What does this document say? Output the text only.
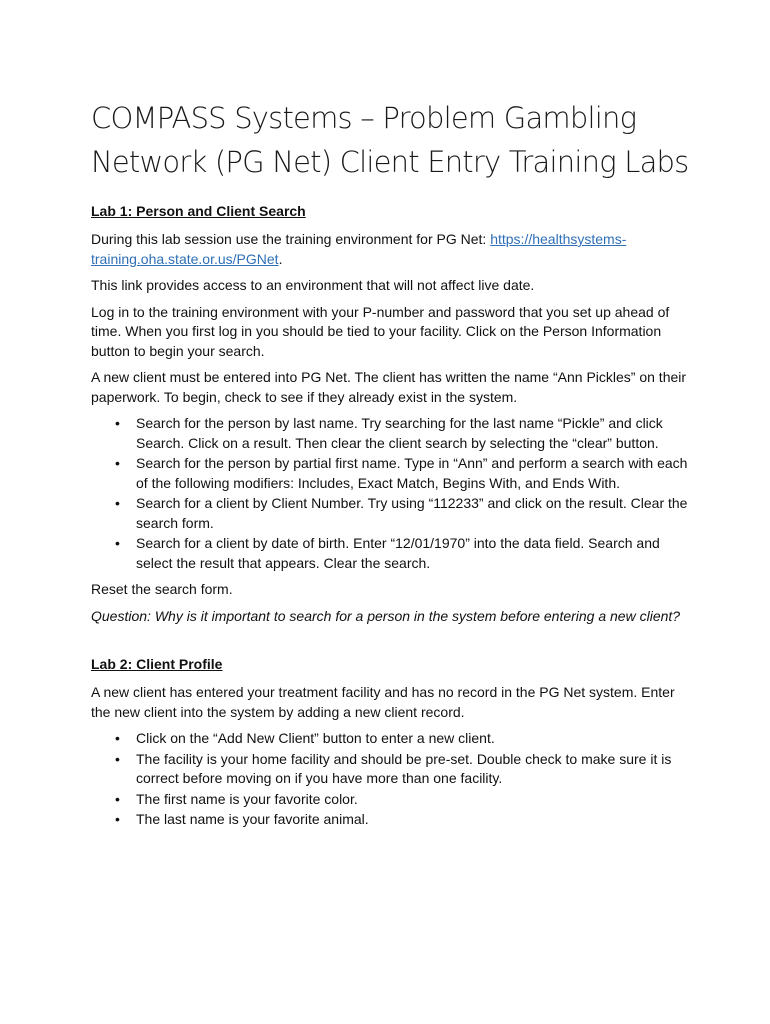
COMPASS Systems – Problem Gambling Network (PG Net) Client Entry Training Labs
Lab 1: Person and Client Search
During this lab session use the training environment for PG Net: https://healthsystems-training.oha.state.or.us/PGNet.
This link provides access to an environment that will not affect live date.
Log in to the training environment with your P-number and password that you set up ahead of time. When you first log in you should be tied to your facility. Click on the Person Information button to begin your search.
A new client must be entered into PG Net. The client has written the name “Ann Pickles” on their paperwork. To begin, check to see if they already exist in the system.
• Search for the person by last name. Try searching for the last name “Pickle” and click Search. Click on a result. Then clear the client search by selecting the “clear” button.
• Search for the person by partial first name. Type in “Ann” and perform a search with each of the following modifiers: Includes, Exact Match, Begins With, and Ends With.
• Search for a client by Client Number. Try using “112233” and click on the result. Clear the search form.
• Search for a client by date of birth. Enter “12/01/1970” into the data field. Search and select the result that appears. Clear the search.
Reset the search form.
Question: Why is it important to search for a person in the system before entering a new client?
Lab 2: Client Profile
A new client has entered your treatment facility and has no record in the PG Net system. Enter the new client into the system by adding a new client record.
• Click on the “Add New Client” button to enter a new client.
• The facility is your home facility and should be pre-set. Double check to make sure it is correct before moving on if you have more than one facility.
• The first name is your favorite color.
• The last name is your favorite animal.
